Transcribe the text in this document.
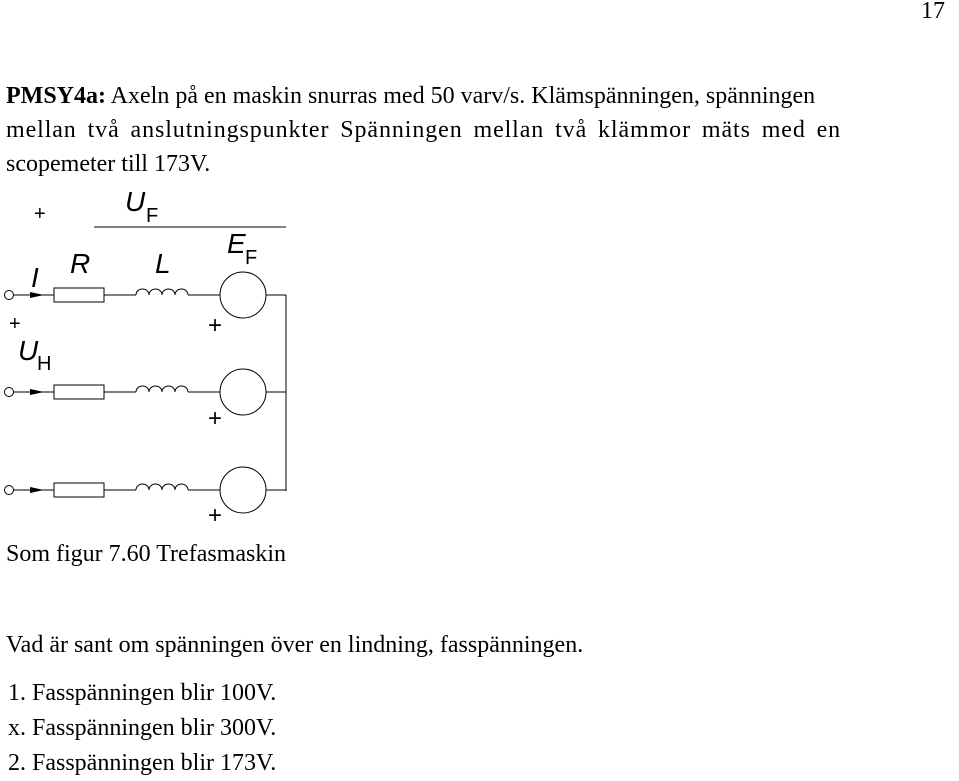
17
PMSY4a: Axeln på en maskin snurras med 50 varv/s. Klämspänningen, spänningen
mellan två anslutningspunkter Spänningen mellan två klämmor mäts med en
scopemeter till 173V.
+	U F
E F
I R L
+
U
H
+
+
+
Som figur 7.60 Trefasmaskin
Vad är sant om spänningen över en lindning, fasspänningen.
1. Fasspänningen blir 100V.
x. Fasspänningen blir 300V.
2. Fasspänningen blir 173V.
